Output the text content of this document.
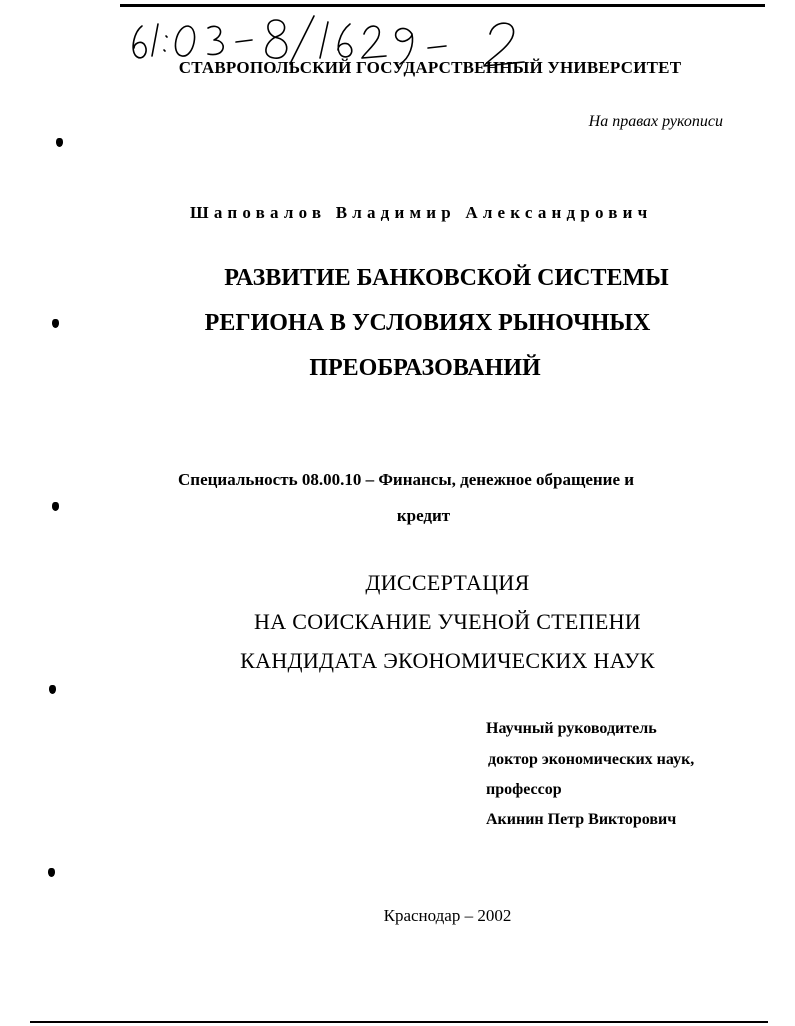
СТАВРОПОЛЬСКИЙ ГОСУДАРСТВЕННЫЙ УНИВЕРСИТЕТ
На правах рукописи
Шаповалов Владимир Александрович
РАЗВИТИЕ БАНКОВСКОЙ СИСТЕМЫ
РЕГИОНА В УСЛОВИЯХ РЫНОЧНЫХ
ПРЕОБРАЗОВАНИЙ
Специальность 08.00.10 – Финансы, денежное обращение и
кредит
ДИССЕРТАЦИЯ
НА СОИСКАНИЕ УЧЕНОЙ СТЕПЕНИ
КАНДИДАТА ЭКОНОМИЧЕСКИХ НАУК
Научный руководитель
доктор экономических наук,
профессор
Акинин Петр Викторович
Краснодар – 2002
